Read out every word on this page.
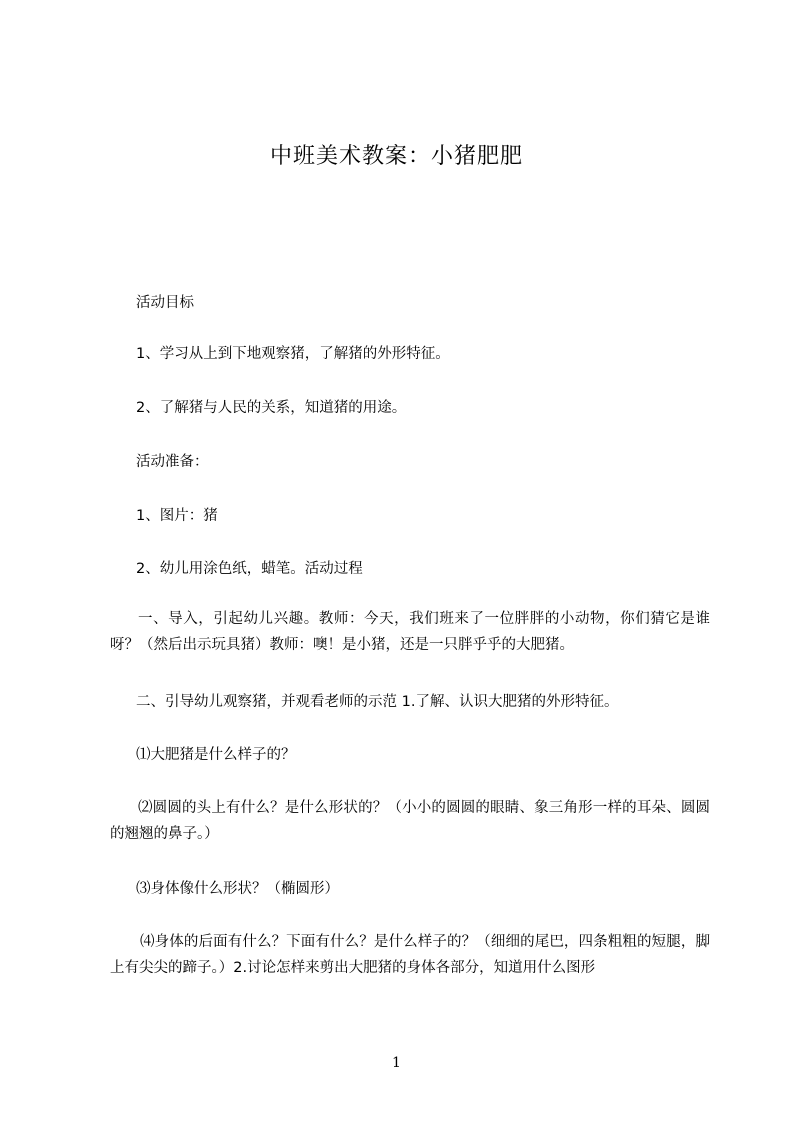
中班美术教案：小猪肥肥
活动目标
1、学习从上到下地观察猪，了解猪的外形特征。
2、了解猪与人民的关系，知道猪的用途。
活动准备：
1、图片：猪
2、幼儿用涂色纸，蜡笔。活动过程
一、导入，引起幼儿兴趣。教师：今天，我们班来了一位胖胖的小动物，你们猜它是谁呀？（然后出示玩具猪）教师：噢！是小猪，还是一只胖乎乎的大肥猪。
二、引导幼儿观察猪，并观看老师的示范 1.了解、认识大肥猪的外形特征。
⑴大肥猪是什么样子的？
⑵圆圆的头上有什么？是什么形状的？（小小的圆圆的眼睛、象三角形一样的耳朵、圆圆的翘翘的鼻子。）
⑶身体像什么形状？（椭圆形）
⑷身体的后面有什么？下面有什么？是什么样子的？（细细的尾巴，四条粗粗的短腿，脚上有尖尖的蹄子。）2.讨论怎样来剪出大肥猪的身体各部分，知道用什么图形
1
